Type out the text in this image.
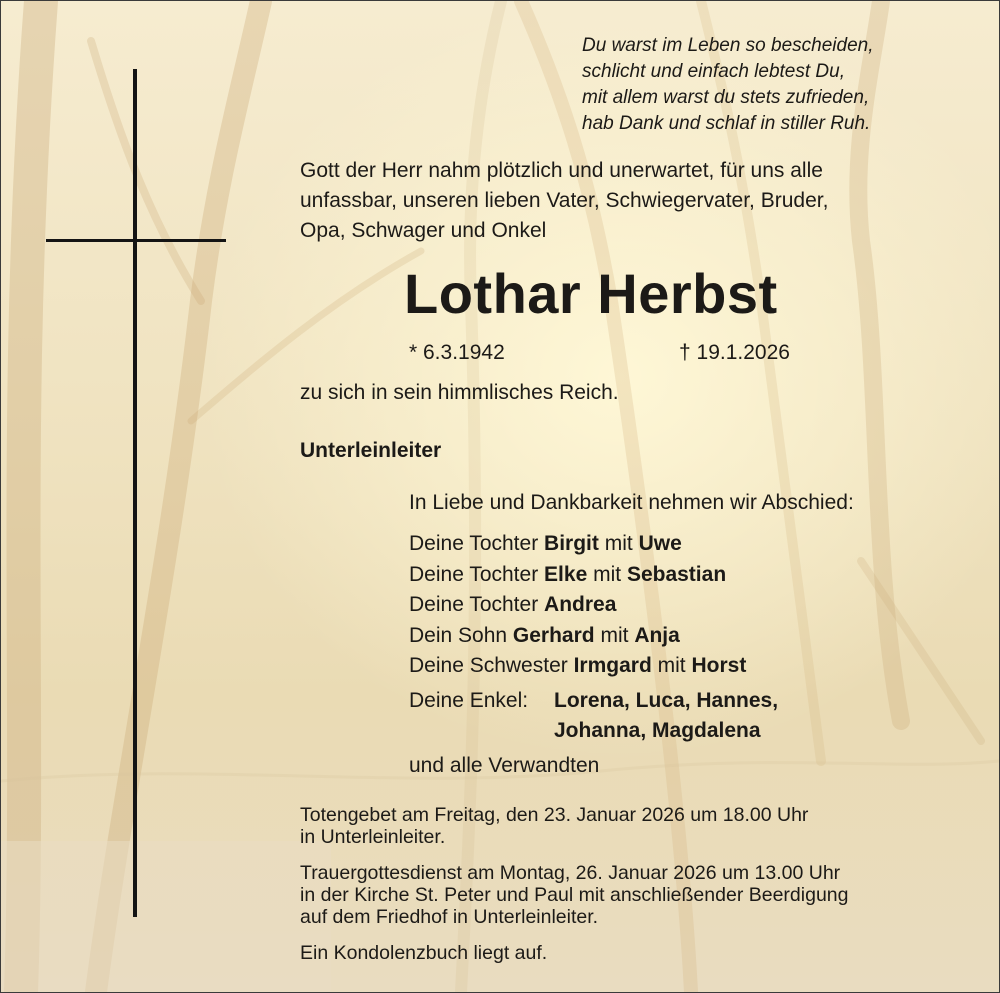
Du warst im Leben so bescheiden,
schlicht und einfach lebtest Du,
mit allem warst du stets zufrieden,
hab Dank und schlaf in stiller Ruh.
Gott der Herr nahm plötzlich und unerwartet, für uns alle
unfassbar, unseren lieben Vater, Schwiegervater, Bruder,
Opa, Schwager und Onkel
Lothar Herbst
* 6.3.1942	† 19.1.2026
zu sich in sein himmlisches Reich.
Unterleinleiter
In Liebe und Dankbarkeit nehmen wir Abschied:
Deine Tochter Birgit mit Uwe
Deine Tochter Elke mit Sebastian
Deine Tochter Andrea
Dein Sohn Gerhard mit Anja
Deine Schwester Irmgard mit Horst
Deine Enkel: Lorena, Luca, Hannes,
Johanna, Magdalena
und alle Verwandten
Totengebet am Freitag, den 23. Januar 2026 um 18.00 Uhr
in Unterleinleiter.
Trauergottesdienst am Montag, 26. Januar 2026 um 13.00 Uhr
in der Kirche St. Peter und Paul mit anschließender Beerdigung
auf dem Friedhof in Unterleinleiter.
Ein Kondolenzbuch liegt auf.
